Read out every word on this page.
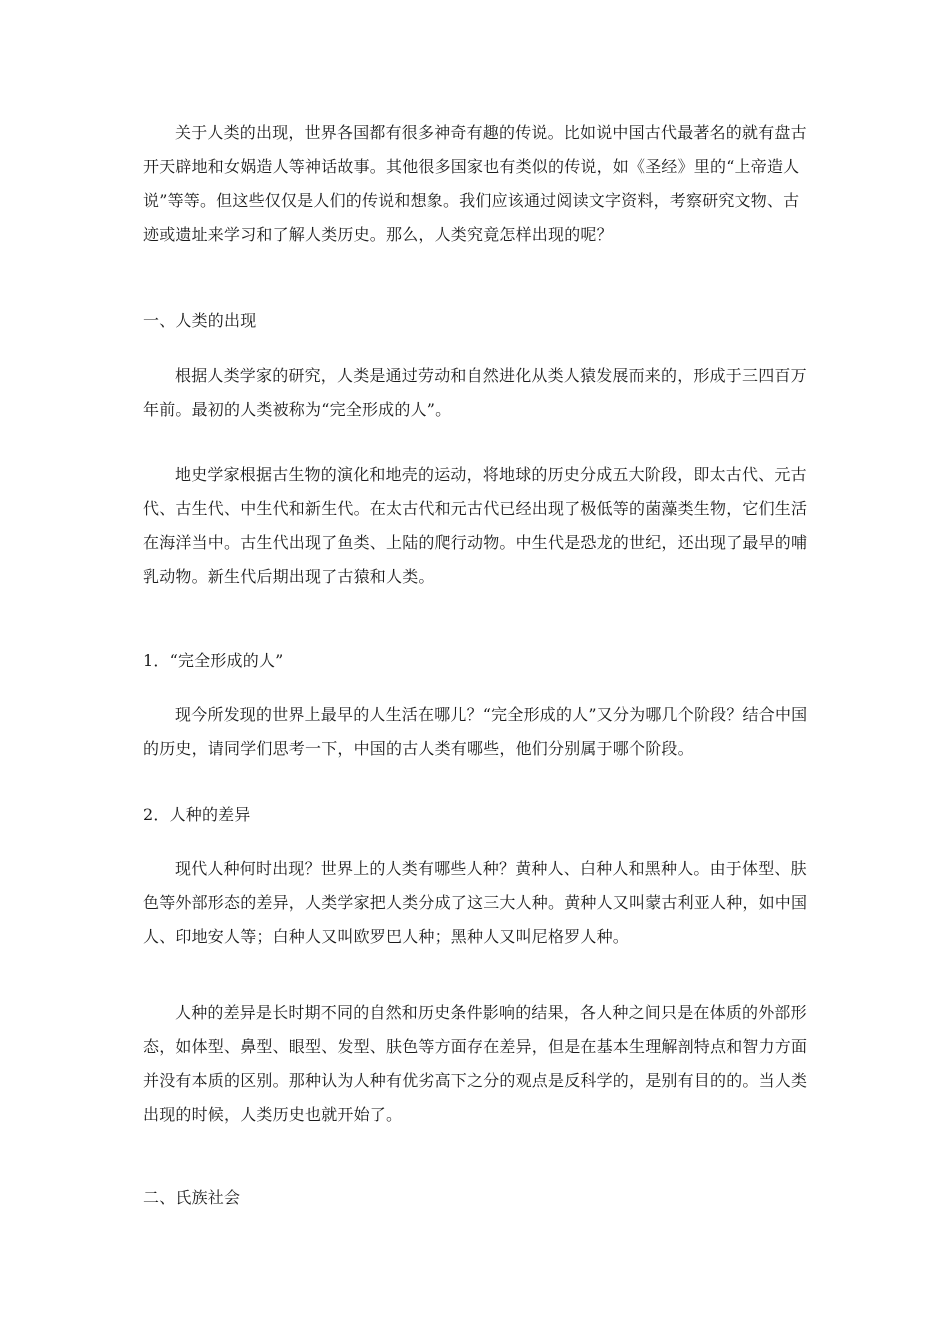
关于人类的出现，世界各国都有很多神奇有趣的传说。比如说中国古代最著名的就有盘古开天辟地和女娲造人等神话故事。其他很多国家也有类似的传说，如《圣经》里的“上帝造人说”等等。但这些仅仅是人们的传说和想象。我们应该通过阅读文字资料，考察研究文物、古迹或遗址来学习和了解人类历史。那么，人类究竟怎样出现的呢？
一、人类的出现
根据人类学家的研究，人类是通过劳动和自然进化从类人猿发展而来的，形成于三四百万年前。最初的人类被称为“完全形成的人”。
地史学家根据古生物的演化和地壳的运动，将地球的历史分成五大阶段，即太古代、元古代、古生代、中生代和新生代。在太古代和元古代已经出现了极低等的菌藻类生物，它们生活在海洋当中。古生代出现了鱼类、上陆的爬行动物。中生代是恐龙的世纪，还出现了最早的哺乳动物。新生代后期出现了古猿和人类。
1．“完全形成的人”
现今所发现的世界上最早的人生活在哪儿？“完全形成的人”又分为哪几个阶段？结合中国的历史，请同学们思考一下，中国的古人类有哪些，他们分别属于哪个阶段。
2．人种的差异
现代人种何时出现？世界上的人类有哪些人种？黄种人、白种人和黑种人。由于体型、肤色等外部形态的差异，人类学家把人类分成了这三大人种。黄种人又叫蒙古利亚人种，如中国人、印地安人等；白种人又叫欧罗巴人种；黑种人又叫尼格罗人种。
人种的差异是长时期不同的自然和历史条件影响的结果，各人种之间只是在体质的外部形态，如体型、鼻型、眼型、发型、肤色等方面存在差异，但是在基本生理解剖特点和智力方面并没有本质的区别。那种认为人种有优劣高下之分的观点是反科学的，是别有目的的。当人类出现的时候，人类历史也就开始了。
二、氏族社会
